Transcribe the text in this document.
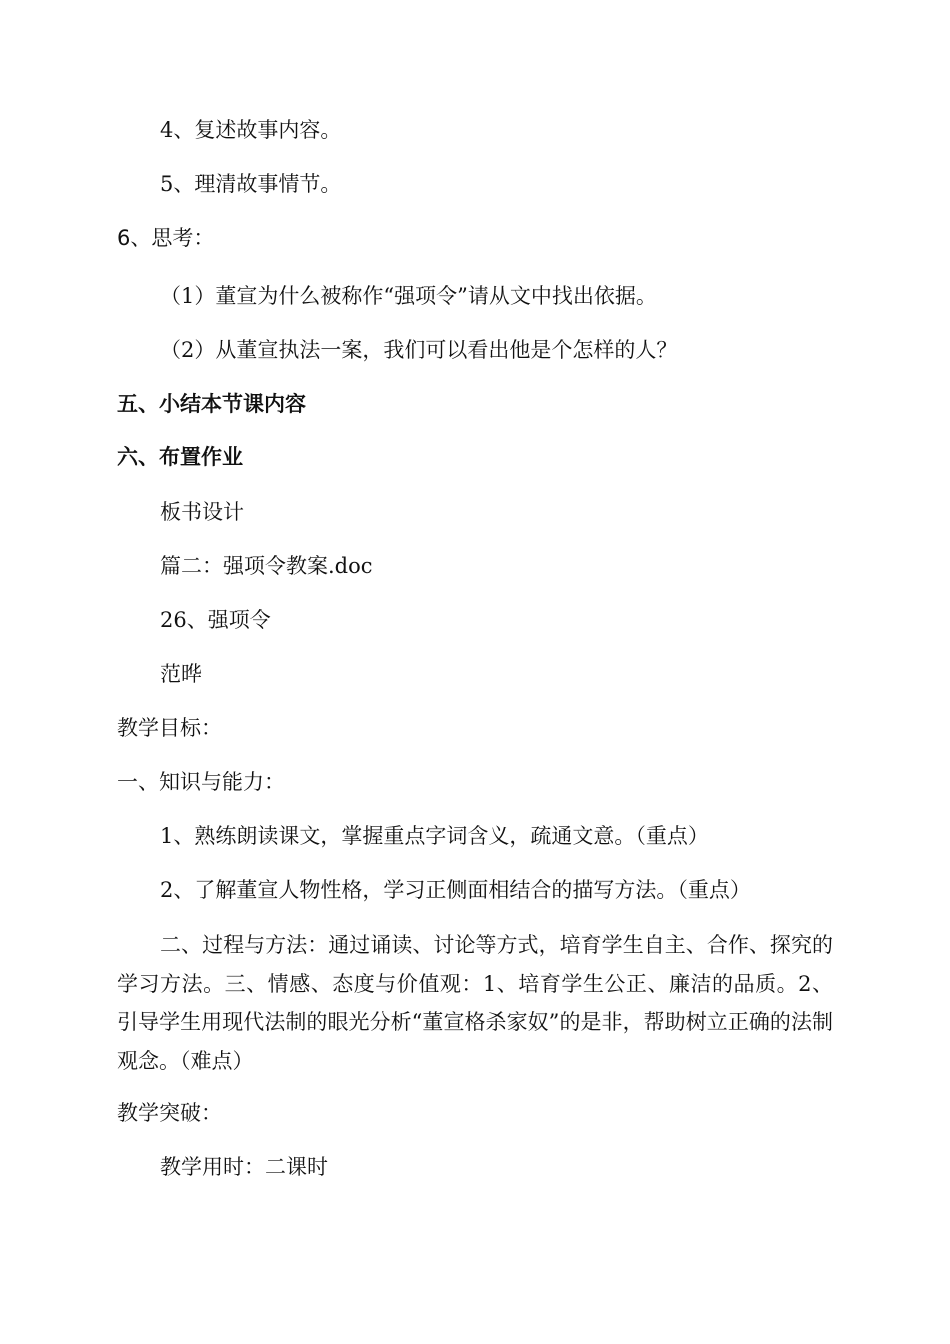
4、复述故事内容。
5、理清故事情节。
6、思考：
（1）董宣为什么被称作“强项令”请从文中找出依据。
（2）从董宣执法一案，我们可以看出他是个怎样的人？
五、小结本节课内容
六、布置作业
板书设计
篇二：强项令教案.doc
26、强项令
范晔
教学目标：
一、知识与能力：
1、熟练朗读课文，掌握重点字词含义，疏通文意。（重点）
2、了解董宣人物性格，学习正侧面相结合的描写方法。（重点）
二、过程与方法：通过诵读、讨论等方式，培育学生自主、合作、探究的学习方法。三、情感、态度与价值观：1、培育学生公正、廉洁的品质。2、引导学生用现代法制的眼光分析“董宣格杀家奴”的是非，帮助树立正确的法制观念。（难点）
教学突破：
教学用时：二课时
